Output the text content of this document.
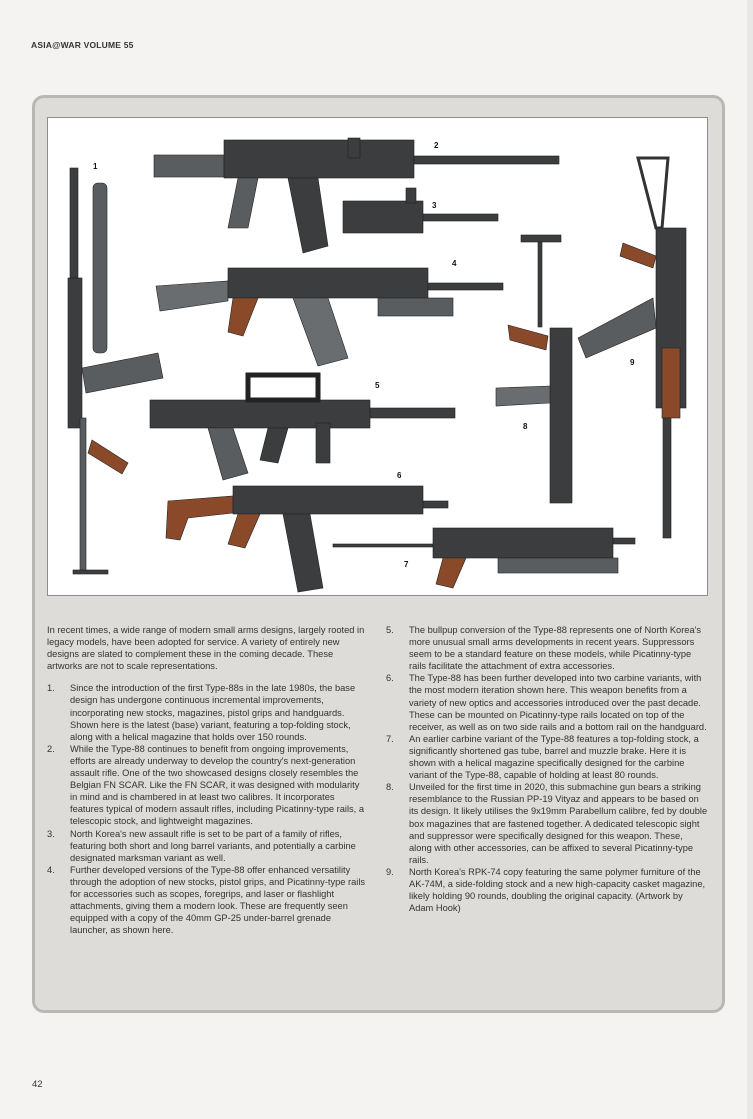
ASIA@WAR VOLUME 55
1
2
3
4
5
6
7
8
9

In recent times, a wide range of modern small arms designs, largely rooted in legacy models, have been adopted for service. A variety of entirely new designs are slated to complement these in the coming decade. These artworks are not to scale representations.

1. Since the introduction of the first Type-88s in the late 1980s, the base design has undergone continuous incremental improvements, incorporating new stocks, magazines, pistol grips and handguards. Shown here is the latest (base) variant, featuring a top-folding stock, along with a helical magazine that holds over 150 rounds.

2. While the Type-88 continues to benefit from ongoing improvements, efforts are already underway to develop the country's next-generation assault rifle. One of the two showcased designs closely resembles the Belgian FN SCAR. Like the FN SCAR, it was designed with modularity in mind and is chambered in at least two calibres. It incorporates features typical of modern assault rifles, including Picatinny-type rails, a telescopic stock, and lightweight magazines.

3. North Korea's new assault rifle is set to be part of a family of rifles, featuring both short and long barrel variants, and potentially a carbine designated marksman variant as well.

4. Further developed versions of the Type-88 offer enhanced versatility through the adoption of new stocks, pistol grips, and Picatinny-type rails for accessories such as scopes, foregrips, and laser or flashlight attachments, giving them a modern look. These are frequently seen equipped with a copy of the 40mm GP-25 under-barrel grenade launcher, as shown here.

5. The bullpup conversion of the Type-88 represents one of North Korea's more unusual small arms developments in recent years. Suppressors seem to be a standard feature on these models, while Picatinny-type rails facilitate the attachment of extra accessories.

6. The Type-88 has been further developed into two carbine variants, with the most modern iteration shown here. This weapon benefits from a variety of new optics and accessories introduced over the past decade. These can be mounted on Picatinny-type rails located on top of the receiver, as well as on two side rails and a bottom rail on the handguard.

7. An earlier carbine variant of the Type-88 features a top-folding stock, a significantly shortened gas tube, barrel and muzzle brake. Here it is shown with a helical magazine specifically designed for the carbine variant of the Type-88, capable of holding at least 80 rounds.

8. Unveiled for the first time in 2020, this submachine gun bears a striking resemblance to the Russian PP-19 Vityaz and appears to be based on its design. It likely utilises the 9x19mm Parabellum calibre, fed by double box magazines that are fastened together. A dedicated telescopic sight and suppressor were specifically designed for this weapon. These, along with other accessories, can be affixed to several Picatinny-type rails.

9. North Korea's RPK-74 copy featuring the same polymer furniture of the AK-74M, a side-folding stock and a new high-capacity casket magazine, likely holding 90 rounds, doubling the original capacity. (Artwork by Adam Hook)

42
